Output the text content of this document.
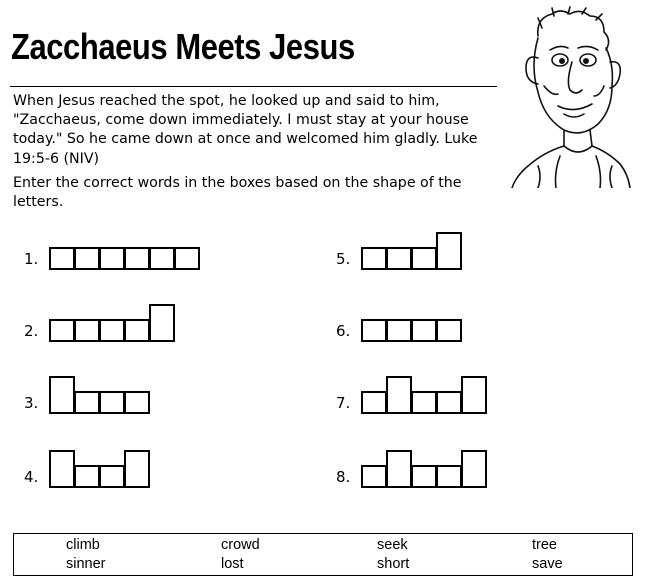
Zacchaeus Meets Jesus

When Jesus reached the spot, he looked up and said to him, "Zacchaeus, come down immediately. I must stay at your house today." So he came down at once and welcomed him gladly. Luke 19:5-6 (NIV)

Enter the correct words in the boxes based on the shape of the letters.

1.
2.
3.
4.
5.
6.
7.
8.
climb	crowd	seek	tree
sinner	lost	short	save
